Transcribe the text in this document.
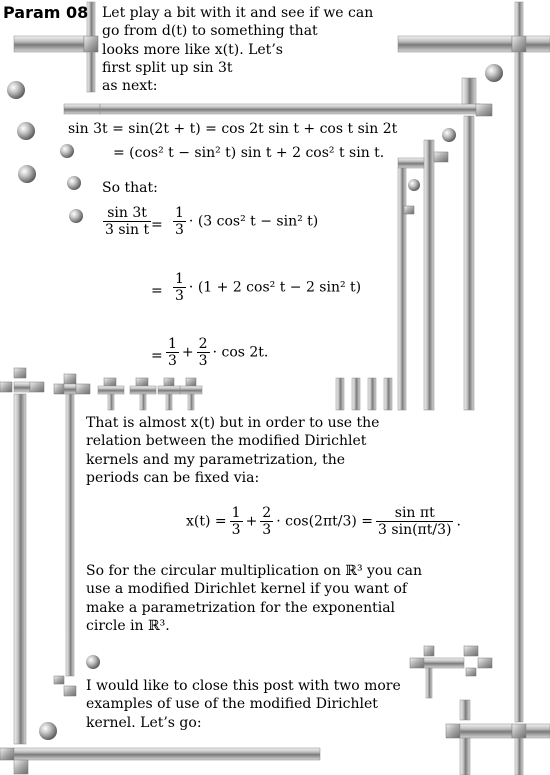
Param 08 Let play a bit with it and see if we can
go from d(t) to something that
looks more like x(t). Let’s
first split up sin 3t
as next:
sin 3t = sin(2t + t) = cos 2t sin t + cos t sin 2t
= (cos² t − sin² t) sin t + 2 cos² t sin t.
So that:
$\frac{\sin 3t}{\text{3 sin t}} = \frac{1}{3} \cdot (3$ cos² t − sin² t)
= $\frac{1}{3} \cdot (1 + 2$ cos² t − 2 sin² t)
= $\frac{1}{3} + \frac{2}{3} \cdot \cos 2t$.
That is almost x(t) but in order to use the
relation between the modified Dirichlet
kernels and my parametrization, the
periods can be fixed via:
$x(t) = \frac{1}{3} + \frac{2}{3} \cdot \cos(2\pi t/3) = \frac{\text{sin πt}}{3 \sin(\pi t/3)}$ .
So for the circular multiplication on ℝ³ you can
use a modified Dirichlet kernel if you want of
make a parametrization for the exponential
circle in ℝ³.
I would like to close this post with two more
examples of use of the modified Dirichlet
kernel. Let’s go:
